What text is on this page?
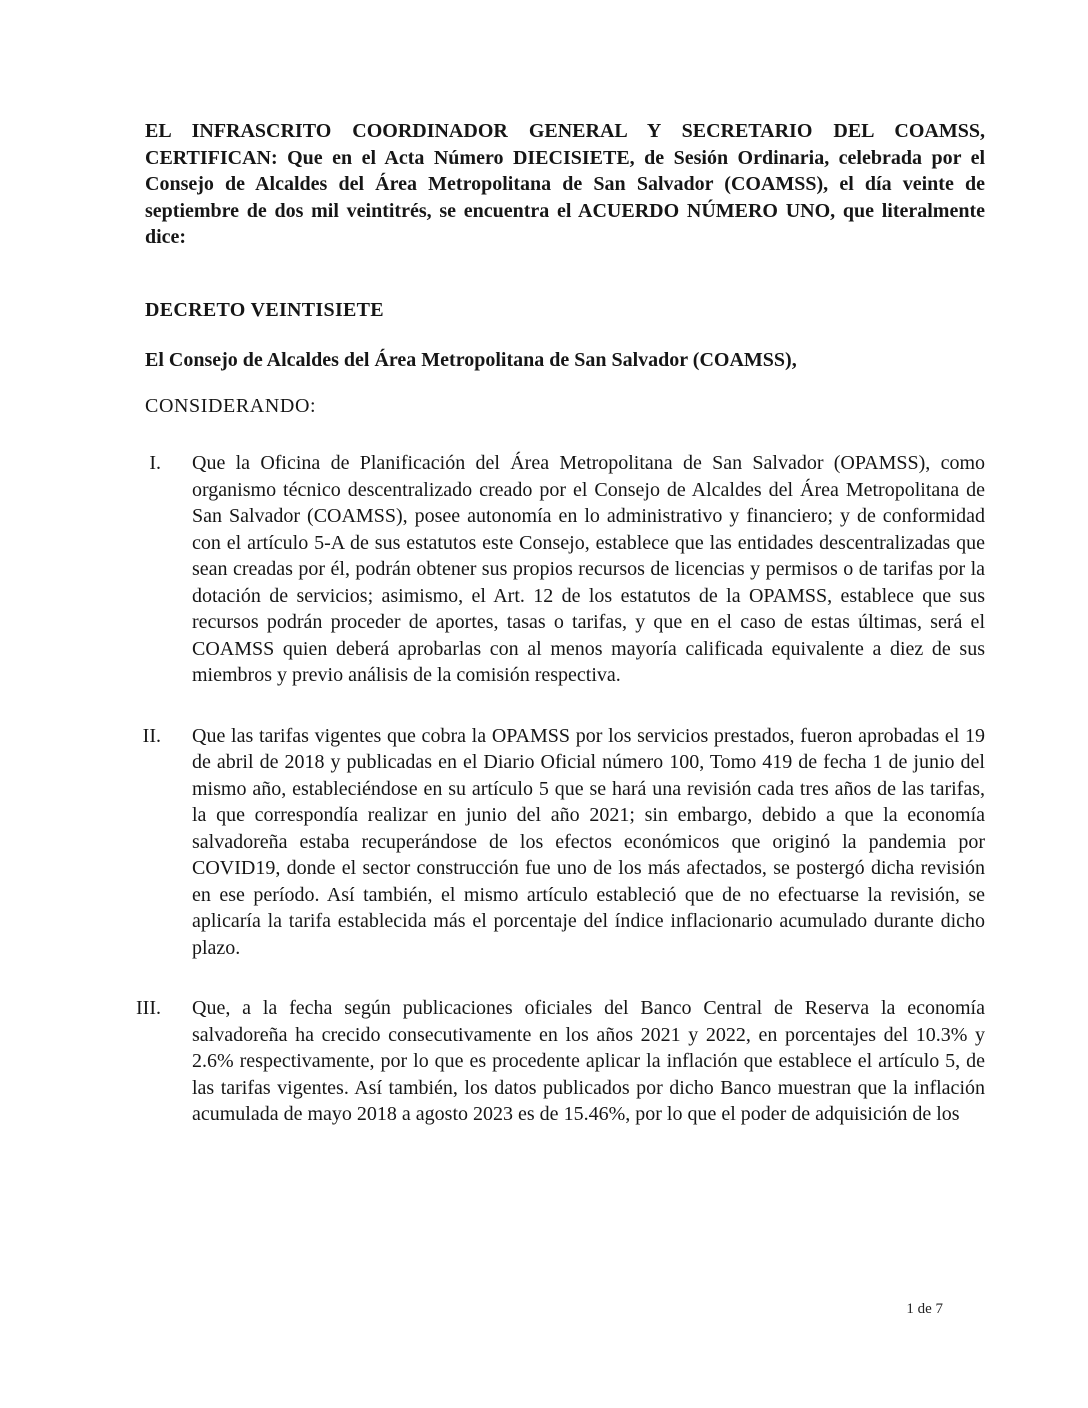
EL INFRASCRITO COORDINADOR GENERAL Y SECRETARIO DEL COAMSS, CERTIFICAN: Que en el Acta Número DIECISIETE, de Sesión Ordinaria, celebrada por el Consejo de Alcaldes del Área Metropolitana de San Salvador (COAMSS), el día veinte de septiembre de dos mil veintitrés, se encuentra el ACUERDO NÚMERO UNO, que literalmente dice:

DECRETO VEINTISIETE

El Consejo de Alcaldes del Área Metropolitana de San Salvador (COAMSS),

CONSIDERANDO:

I. Que la Oficina de Planificación del Área Metropolitana de San Salvador (OPAMSS), como organismo técnico descentralizado creado por el Consejo de Alcaldes del Área Metropolitana de San Salvador (COAMSS), posee autonomía en lo administrativo y financiero; y de conformidad con el artículo 5-A de sus estatutos este Consejo, establece que las entidades descentralizadas que sean creadas por él, podrán obtener sus propios recursos de licencias y permisos o de tarifas por la dotación de servicios; asimismo, el Art. 12 de los estatutos de la OPAMSS, establece que sus recursos podrán proceder de aportes, tasas o tarifas, y que en el caso de estas últimas, será el COAMSS quien deberá aprobarlas con al menos mayoría calificada equivalente a diez de sus miembros y previo análisis de la comisión respectiva.
II. Que las tarifas vigentes que cobra la OPAMSS por los servicios prestados, fueron aprobadas el 19 de abril de 2018 y publicadas en el Diario Oficial número 100, Tomo 419 de fecha 1 de junio del mismo año, estableciéndose en su artículo 5 que se hará una revisión cada tres años de las tarifas, la que correspondía realizar en junio del año 2021; sin embargo, debido a que la economía salvadoreña estaba recuperándose de los efectos económicos que originó la pandemia por COVID19, donde el sector construcción fue uno de los más afectados, se postergó dicha revisión en ese período. Así también, el mismo artículo estableció que de no efectuarse la revisión, se aplicaría la tarifa establecida más el porcentaje del índice inflacionario acumulado durante dicho plazo.
III. Que, a la fecha según publicaciones oficiales del Banco Central de Reserva la economía salvadoreña ha crecido consecutivamente en los años 2021 y 2022, en porcentajes del 10.3% y 2.6% respectivamente, por lo que es procedente aplicar la inflación que establece el artículo 5, de las tarifas vigentes. Así también, los datos publicados por dicho Banco muestran que la inflación acumulada de mayo 2018 a agosto 2023 es de 15.46%, por lo que el poder de adquisición de los
1 de 7
